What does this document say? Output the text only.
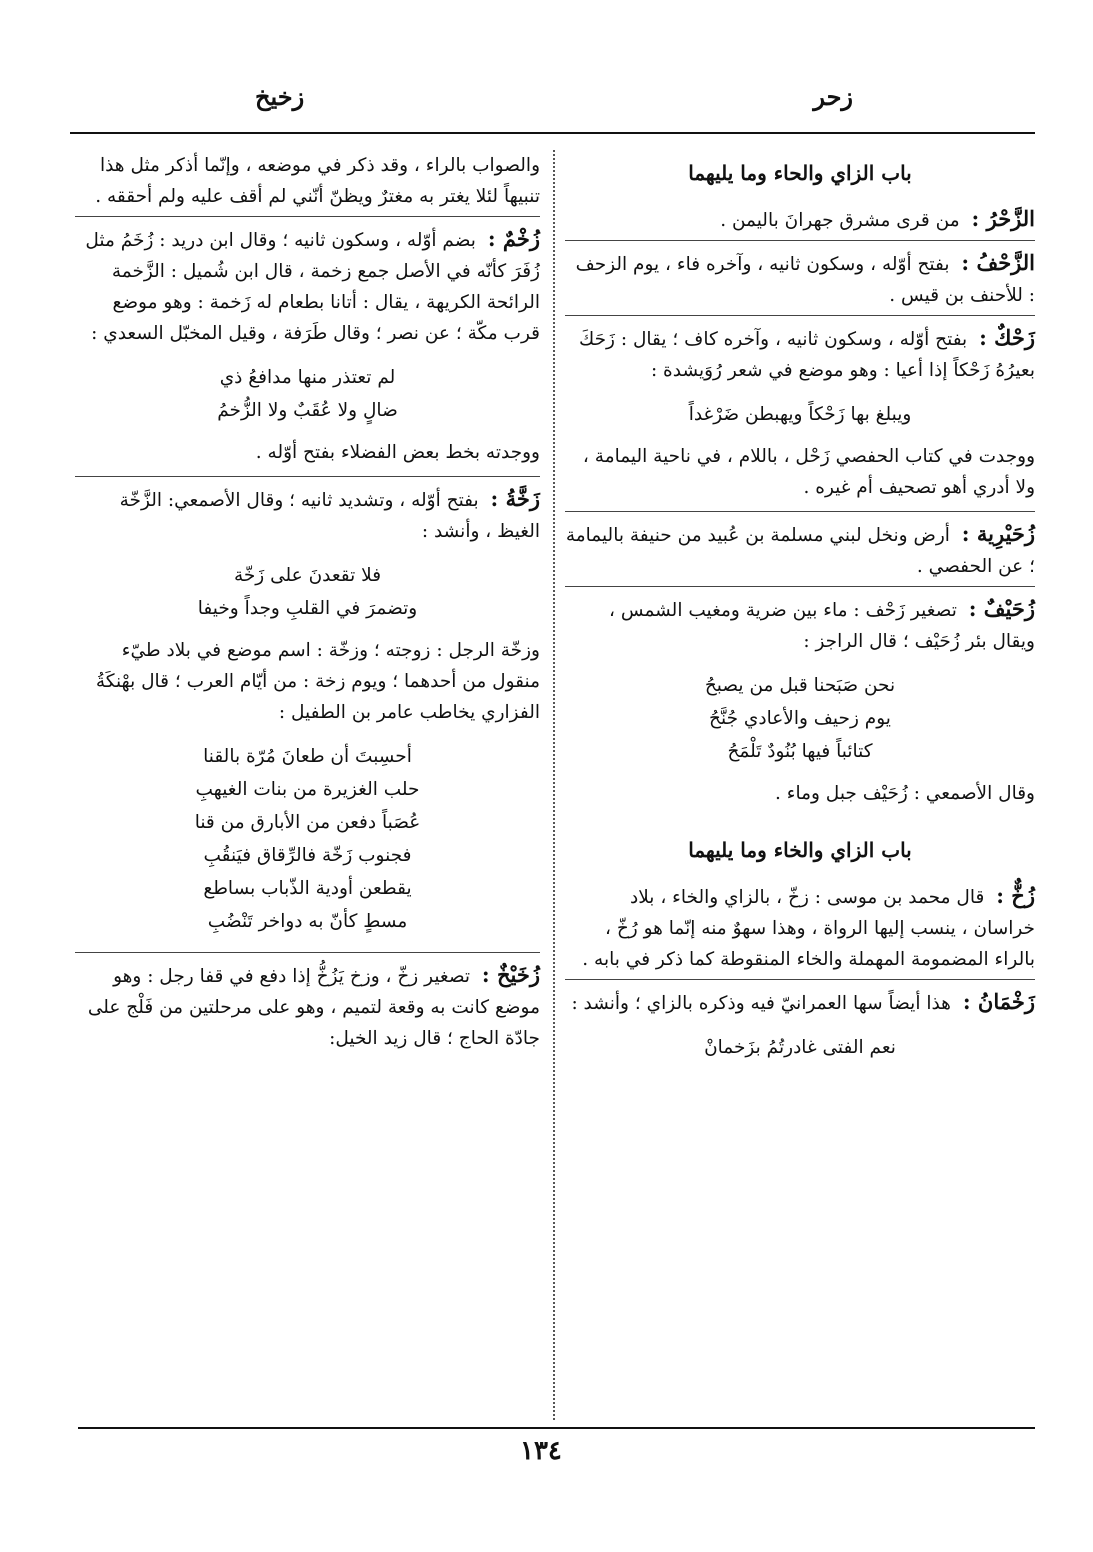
زحر
زخيخ

باب الزاي والحاء وما يليهما

الزَّحْرُ : من قرى مشرق جهرانَ باليمن .

الزَّحْفُ : بفتح أوّله ، وسكون ثانيه ، وآخره فاء ، يوم الزحف : للأحنف بن قيس .

زَحْكٌ : بفتح أوّله ، وسكون ثانيه ، وآخره كاف ؛ يقال : زَحَكَ بعيرُهُ زَحْكاً إذا أعيا : وهو موضع في شعر رُوَيشدة :

ويبلغ بها زَحْكاً ويهبطن ضَرْغداً

ووجدت في كتاب الحفصي زَحْل ، باللام ، في ناحية اليمامة ، ولا أدري أهو تصحيف أم غيره .

زُحَيْرِية : أرض ونخل لبني مسلمة بن عُبيد من حنيفة باليمامة ؛ عن الحفصي .

زُحَيْفٌ : تصغير زَحْف : ماء بين ضرية ومغيب الشمس ، ويقال بئر زُحَيْف ؛ قال الراجز :

نحن صَبَحنا قبل من يصبحُ
يوم زحيف والأعادي جُنَّحُ
كتائباً فيها بُنُودٌ تَلْمَحُ

وقال الأصمعي : زُحَيْف جبل وماء .

باب الزاي والخاء وما يليهما

زُخٌّ : قال محمد بن موسى : زخّ ، بالزاي والخاء ، بلاد خراسان ، ينسب إليها الرواة ، وهذا سهوٌ منه إنّما هو رُخّ ، بالراء المضمومة المهملة والخاء المنقوطة كما ذكر في بابه .

زَخْمَانُ : هذا أيضاً سها العمرانيّ فيه وذكره بالزاي ؛ وأنشد :

نعم الفتى غادرتُمُ بزَخمانْ

والصواب بالراء ، وقد ذكر في موضعه ، وإنّما أذكر مثل هذا تنبيهاً لئلا يغتر به مغترٌ ويظنّ أنّني لم أقف عليه ولم أحققه .

زُخْمٌ : بضم أوّله ، وسكون ثانيه ؛ وقال ابن دريد : زُخَمُ مثل زُفَرَ كأنّه في الأصل جمع زخمة ، قال ابن شُميل : الزَّخمة الرائحة الكريهة ، يقال : أتانا بطعام له زَخمة : وهو موضع قرب مكّة ؛ عن نصر ؛ وقال طَرَفة ، وقيل المخبّل السعدي :

لم تعتذر منها مدافعُ ذي
ضالٍ ولا عُقَبٌ ولا الزُّخمُ

ووجدته بخط بعض الفضلاء بفتح أوّله .

زَخَّةُ : بفتح أوّله ، وتشديد ثانيه ؛ وقال الأصمعي: الزَّخّة الغيظ ، وأنشد :

فلا تقعدنَ على زَخّة
وتضمرَ في القلبِ وجداً وخيفا

وزخّة الرجل : زوجته ؛ وزخّة : اسم موضع في بلاد طيّء منقول من أحدهما ؛ ويوم زخة : من أيّام العرب ؛ قال بهْنكَةُ الفزاري يخاطب عامر بن الطفيل :

أحسِبتَ أن طعانَ مُرّة بالقنا
حلب الغزيرة من بنات الغيهبِ
عُصَباً دفعن من الأبارق من قنا
فجنوب زَخّة فالرِّقاق فيَنقُبِ
يقطعن أودية الذّباب بساطع
مسطٍ كأنّ به دواخر تَنْضُبِ

زُخَيْخٌ : تصغير زخّ ، وزخ يَزُخُّ إذا دفع في قفا رجل : وهو موضع كانت به وقعة لتميم ، وهو على مرحلتين من فَلْج على جادّة الحاج ؛ قال زيد الخيل:

١٣٤
